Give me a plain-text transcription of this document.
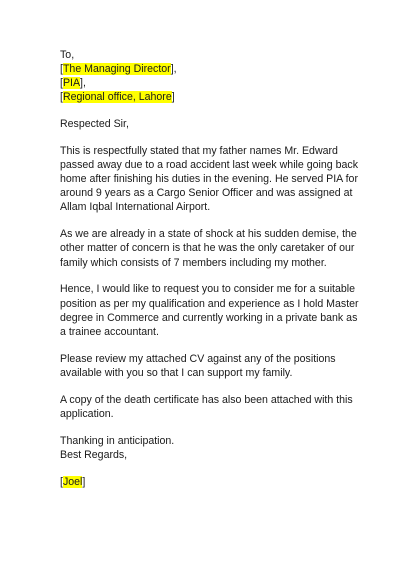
To,
[The Managing Director],
[PIA],
[Regional office, Lahore]
Respected Sir,
This is respectfully stated that my father names Mr. Edward
passed away due to a road accident last week while going back
home after finishing his duties in the evening. He served PIA for
around 9 years as a Cargo Senior Officer and was assigned at
Allam Iqbal International Airport.
As we are already in a state of shock at his sudden demise, the
other matter of concern is that he was the only caretaker of our
family which consists of 7 members including my mother.
Hence, I would like to request you to consider me for a suitable
position as per my qualification and experience as I hold Master
degree in Commerce and currently working in a private bank as
a trainee accountant.
Please review my attached CV against any of the positions
available with you so that I can support my family.
A copy of the death certificate has also been attached with this
application.
Thanking in anticipation.
Best Regards,
[Joel]
